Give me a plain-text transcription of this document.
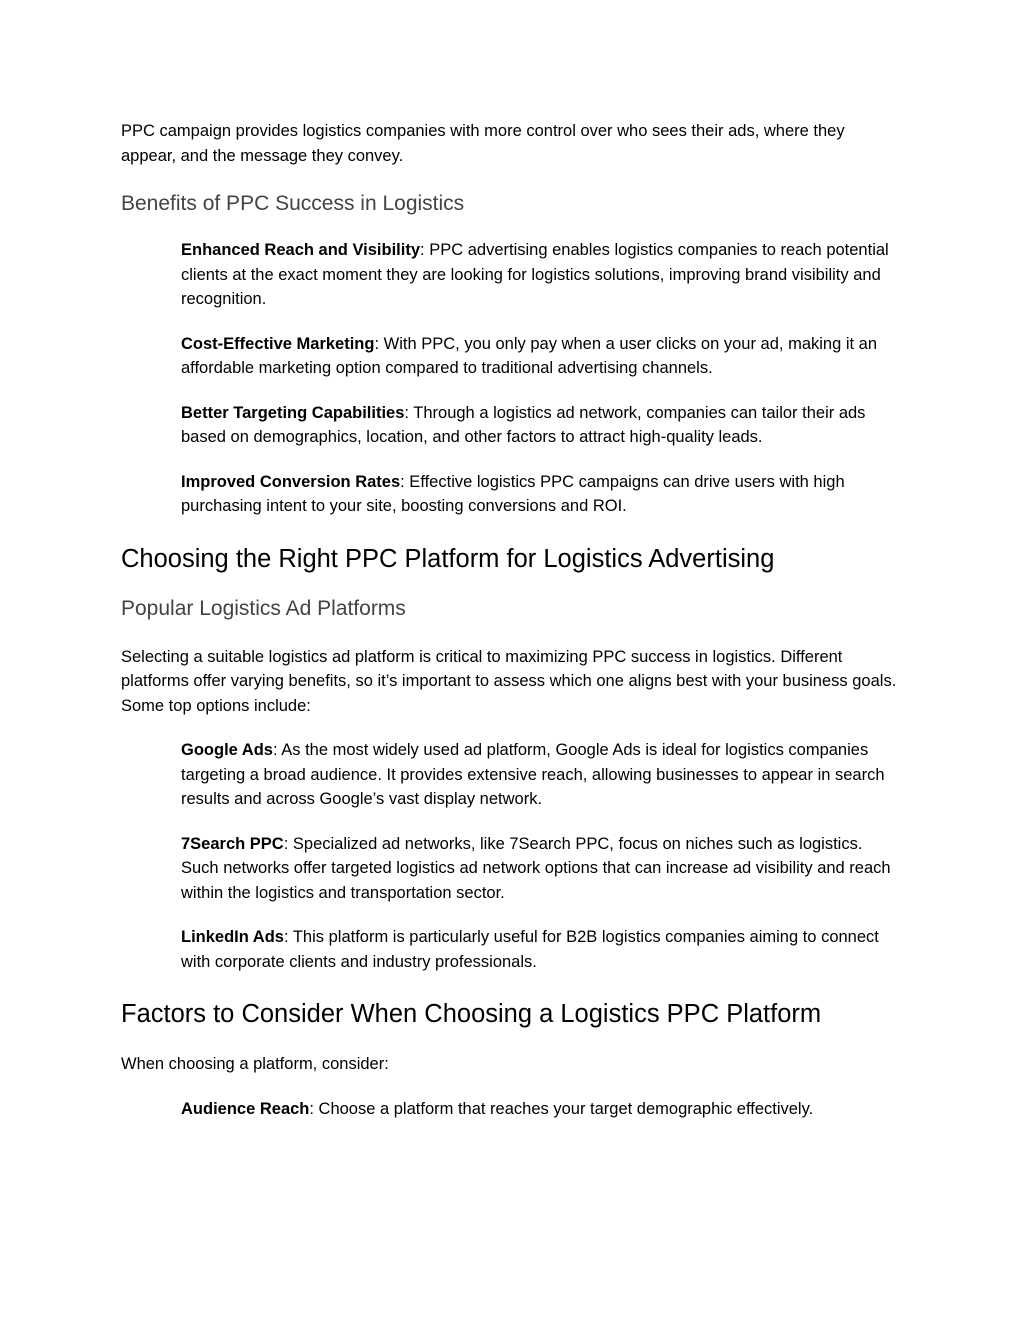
PPC campaign provides logistics companies with more control over who sees their ads, where they appear, and the message they convey.

Benefits of PPC Success in Logistics

Enhanced Reach and Visibility: PPC advertising enables logistics companies to reach potential clients at the exact moment they are looking for logistics solutions, improving brand visibility and recognition.

Cost-Effective Marketing: With PPC, you only pay when a user clicks on your ad, making it an affordable marketing option compared to traditional advertising channels.

Better Targeting Capabilities: Through a logistics ad network, companies can tailor their ads based on demographics, location, and other factors to attract high-quality leads.

Improved Conversion Rates: Effective logistics PPC campaigns can drive users with high purchasing intent to your site, boosting conversions and ROI.

Choosing the Right PPC Platform for Logistics Advertising
Popular Logistics Ad Platforms

Selecting a suitable logistics ad platform is critical to maximizing PPC success in logistics. Different platforms offer varying benefits, so it’s important to assess which one aligns best with your business goals. Some top options include:

Google Ads: As the most widely used ad platform, Google Ads is ideal for logistics companies targeting a broad audience. It provides extensive reach, allowing businesses to appear in search results and across Google’s vast display network.

7Search PPC: Specialized ad networks, like 7Search PPC, focus on niches such as logistics. Such networks offer targeted logistics ad network options that can increase ad visibility and reach within the logistics and transportation sector.

LinkedIn Ads: This platform is particularly useful for B2B logistics companies aiming to connect with corporate clients and industry professionals.

Factors to Consider When Choosing a Logistics PPC Platform

When choosing a platform, consider:

Audience Reach: Choose a platform that reaches your target demographic effectively.
